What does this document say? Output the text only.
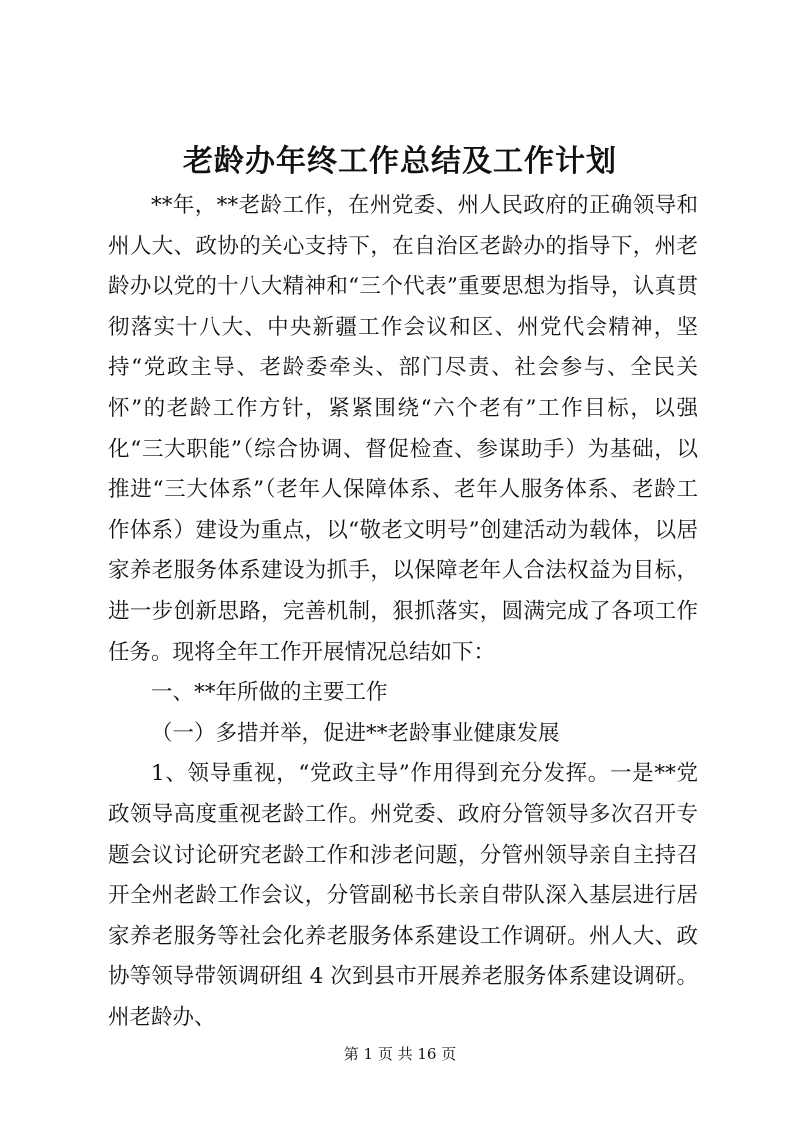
老龄办年终工作总结及工作计划

**年，**老龄工作，在州党委、州人民政府的正确领导和州人大、政协的关心支持下，在自治区老龄办的指导下，州老龄办以党的十八大精神和“三个代表”重要思想为指导，认真贯彻落实十八大、中央新疆工作会议和区、州党代会精神，坚持“党政主导、老龄委牵头、部门尽责、社会参与、全民关怀”的老龄工作方针，紧紧围绕“六个老有”工作目标，以强化“三大职能”（综合协调、督促检查、参谋助手）为基础，以推进“三大体系”（老年人保障体系、老年人服务体系、老龄工作体系）建设为重点，以“敬老文明号”创建活动为载体，以居家养老服务体系建设为抓手，以保障老年人合法权益为目标，进一步创新思路，完善机制，狠抓落实，圆满完成了各项工作任务。现将全年工作开展情况总结如下：

一、**年所做的主要工作

（一）多措并举，促进**老龄事业健康发展

1、领导重视，“党政主导”作用得到充分发挥。一是**党政领导高度重视老龄工作。州党委、政府分管领导多次召开专题会议讨论研究老龄工作和涉老问题，分管州领导亲自主持召开全州老龄工作会议，分管副秘书长亲自带队深入基层进行居家养老服务等社会化养老服务体系建设工作调研。州人大、政协等领导带领调研组 4 次到县市开展养老服务体系建设调研。州老龄办、

第 1 页 共 16 页
